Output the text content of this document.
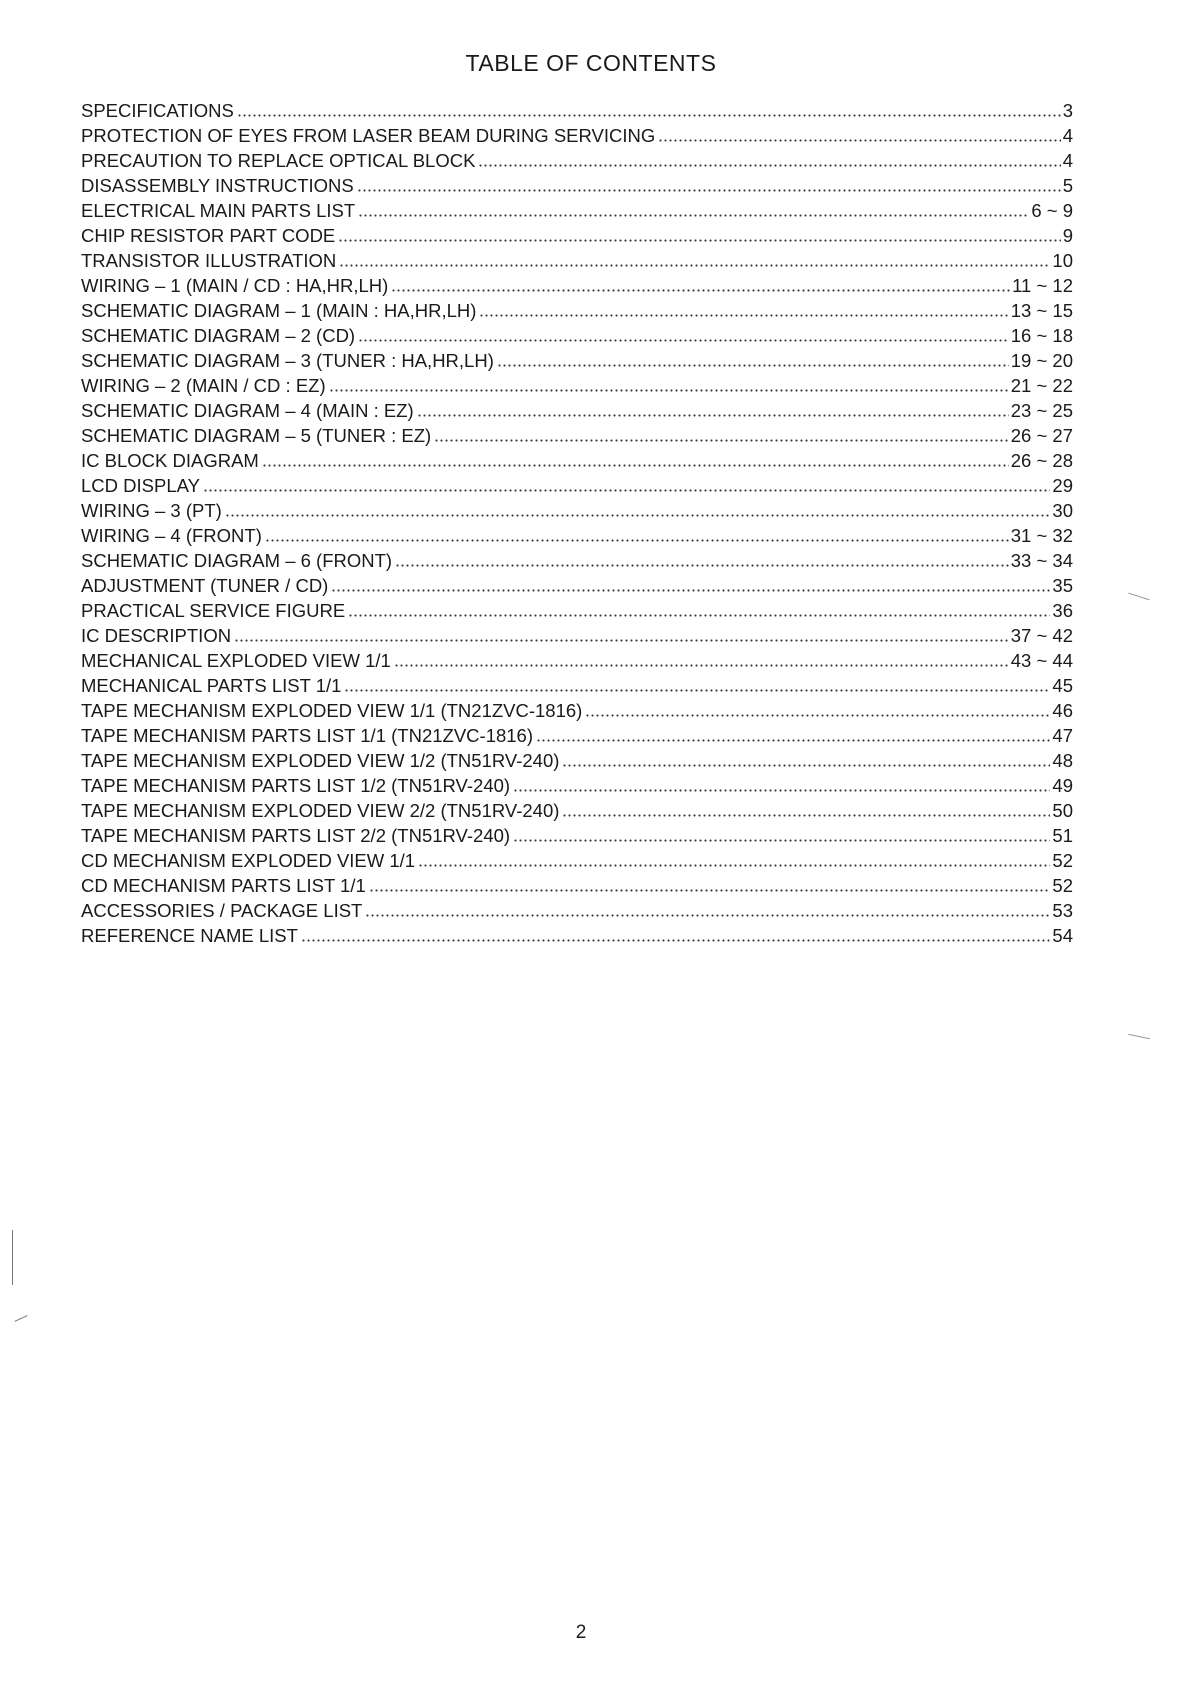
TABLE OF CONTENTS
SPECIFICATIONS	3
PROTECTION OF EYES FROM LASER BEAM DURING SERVICING	4
PRECAUTION TO REPLACE OPTICAL BLOCK	4
DISASSEMBLY INSTRUCTIONS	5
ELECTRICAL MAIN PARTS LIST	6 ~ 9
CHIP RESISTOR PART CODE	9
TRANSISTOR ILLUSTRATION	10
WIRING – 1 (MAIN / CD : HA,HR,LH)	11 ~ 12
SCHEMATIC DIAGRAM – 1 (MAIN : HA,HR,LH)	13 ~ 15
SCHEMATIC DIAGRAM – 2 (CD)	16 ~ 18
SCHEMATIC DIAGRAM – 3 (TUNER : HA,HR,LH)	19 ~ 20
WIRING – 2 (MAIN / CD : EZ)	21 ~ 22
SCHEMATIC DIAGRAM – 4 (MAIN : EZ)	23 ~ 25
SCHEMATIC DIAGRAM – 5 (TUNER : EZ)	26 ~ 27
IC BLOCK DIAGRAM	26 ~ 28
LCD DISPLAY	29
WIRING – 3 (PT)	30
WIRING – 4 (FRONT)	31 ~ 32
SCHEMATIC DIAGRAM – 6 (FRONT)	33 ~ 34
ADJUSTMENT (TUNER / CD)	35
PRACTICAL SERVICE FIGURE	36
IC DESCRIPTION	37 ~ 42
MECHANICAL EXPLODED VIEW 1/1	43 ~ 44
MECHANICAL PARTS LIST 1/1	45
TAPE MECHANISM EXPLODED VIEW 1/1 (TN21ZVC-1816)	46
TAPE MECHANISM PARTS LIST 1/1 (TN21ZVC-1816)	47
TAPE MECHANISM EXPLODED VIEW 1/2 (TN51RV-240)	48
TAPE MECHANISM PARTS LIST 1/2 (TN51RV-240)	49
TAPE MECHANISM EXPLODED VIEW 2/2 (TN51RV-240)	50
TAPE MECHANISM PARTS LIST 2/2 (TN51RV-240)	51
CD MECHANISM EXPLODED VIEW 1/1	52
CD MECHANISM PARTS LIST 1/1	52
ACCESSORIES / PACKAGE LIST	53
REFERENCE NAME LIST	54
2
